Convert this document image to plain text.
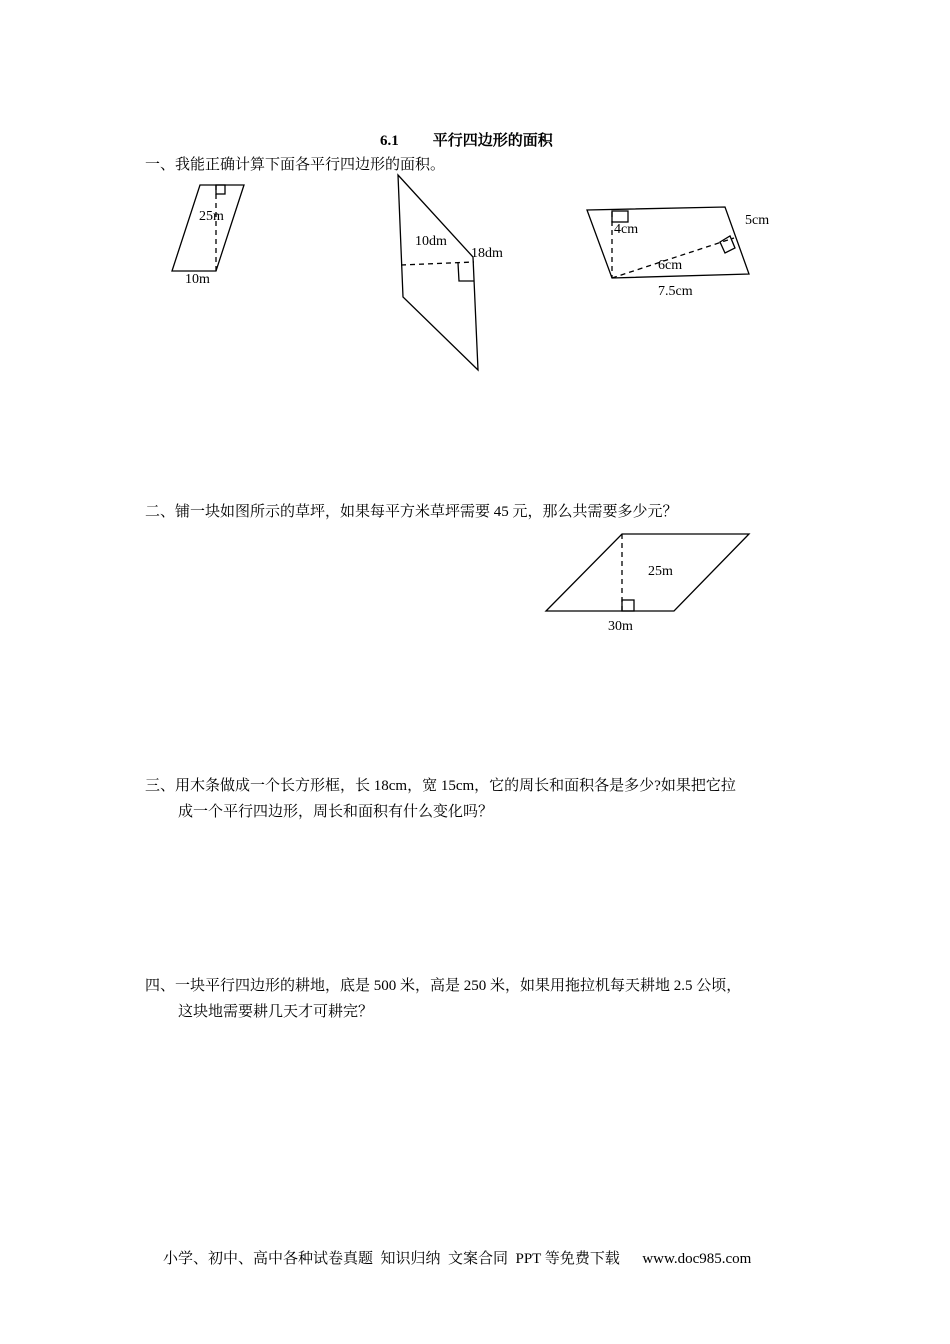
6.1 平行四边形的面积
一、我能正确计算下面各平行四边形的面积。
25m
10m
10dm
18dm
4cm
5cm
6cm
7.5cm
二、铺一块如图所示的草坪，如果每平方米草坪需要 45 元，那么共需要多少元？
25m
30m
三、用木条做成一个长方形框，长 18cm，宽 15cm，它的周长和面积各是多少?如果把它拉
成一个平行四边形，周长和面积有什么变化吗？
四、一块平行四边形的耕地，底是 500 米，高是 250 米，如果用拖拉机每天耕地 2.5 公顷，
这块地需要耕几天才可耕完？
小学、初中、高中各种试卷真题  知识归纳  文案合同  PPT 等免费下载      www.doc985.com
